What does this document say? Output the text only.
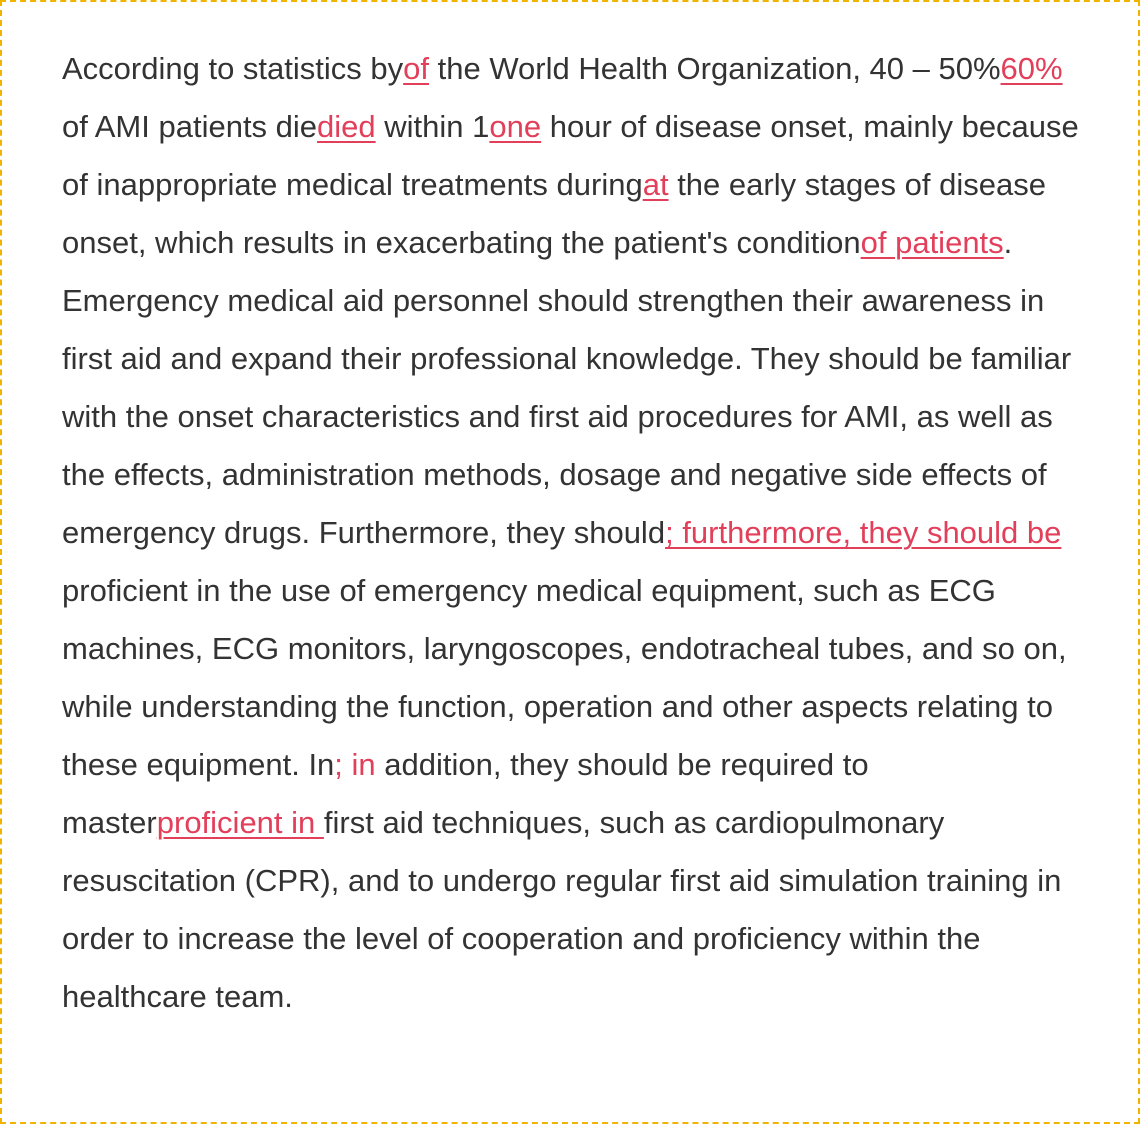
According to statistics byof the World Health Organization, 40 – 50%60% of AMI patients diedied within 1one hour of disease onset, mainly because of inappropriate medical treatments duringat the early stages of disease onset, which results in exacerbating the patient's conditionof patients. Emergency medical aid personnel should strengthen their awareness in first aid and expand their professional knowledge. They should be familiar with the onset characteristics and first aid procedures for AMI, as well as the effects, administration methods, dosage and negative side effects of emergency drugs. Furthermore, they should; furthermore, they should be proficient in the use of emergency medical equipment, such as ECG machines, ECG monitors, laryngoscopes, endotracheal tubes, and so on, while understanding the function, operation and other aspects relating to these equipment. In; in addition, they should be required to masterproficient in first aid techniques, such as cardiopulmonary resuscitation (CPR), and to undergo regular first aid simulation training in order to increase the level of cooperation and proficiency within the healthcare team.
